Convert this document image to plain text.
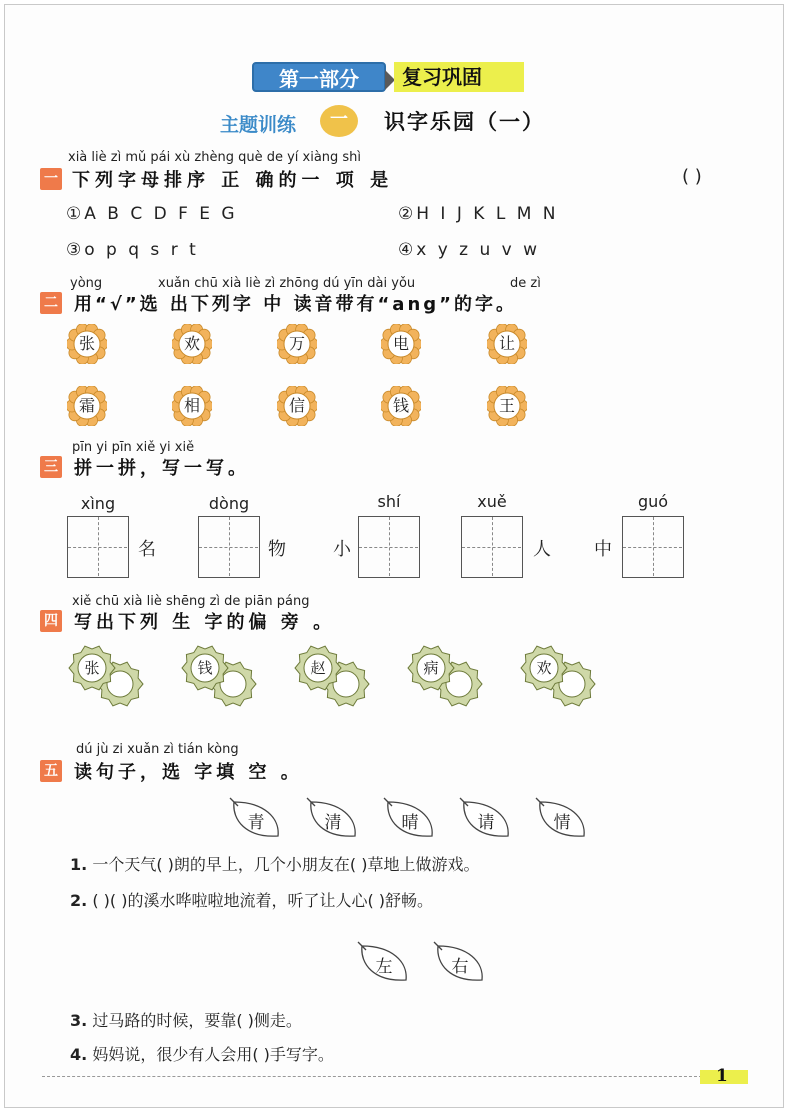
第一部分	复习巩固
主题训练	一	识字乐园（一）
xià liè zì mǔ pái xù zhèng què de yí xiàng shì
一 下列字母排序 正 确的一 项 是	( )
①A B C D F E G	②H I J K L M N
③o p q s r t	④x y z u v w
yòng	xuǎn chū xià liè zì zhōng dú yīn dài yǒu	de zì
二 用“√”选 出下列字 中 读音带有“ang”的字。
张	欢	万	电	让
霜	相	信	钱	王
pīn yi pīn xiě yi xiě
三 拼一拼，写一写。
xìng
名
dòng
物	小
shí	xuě
人 中
guó
xiě chū xià liè shēng zì de piān páng
四 写出下列 生 字的偏 旁 。
张	钱	赵	病	欢
dú jù zi xuǎn zì tián kòng
五 读句子，选 字填 空 。
青	清	晴	请	情
左	右
1. 一个天气( )朗的早上，几个小朋友在( )草地上做游戏。
2. ( )( )的溪水哗啦啦地流着，听了让人心( )舒畅。
3. 过马路的时候，要靠( )侧走。
4. 妈妈说，很少有人会用( )手写字。
1
